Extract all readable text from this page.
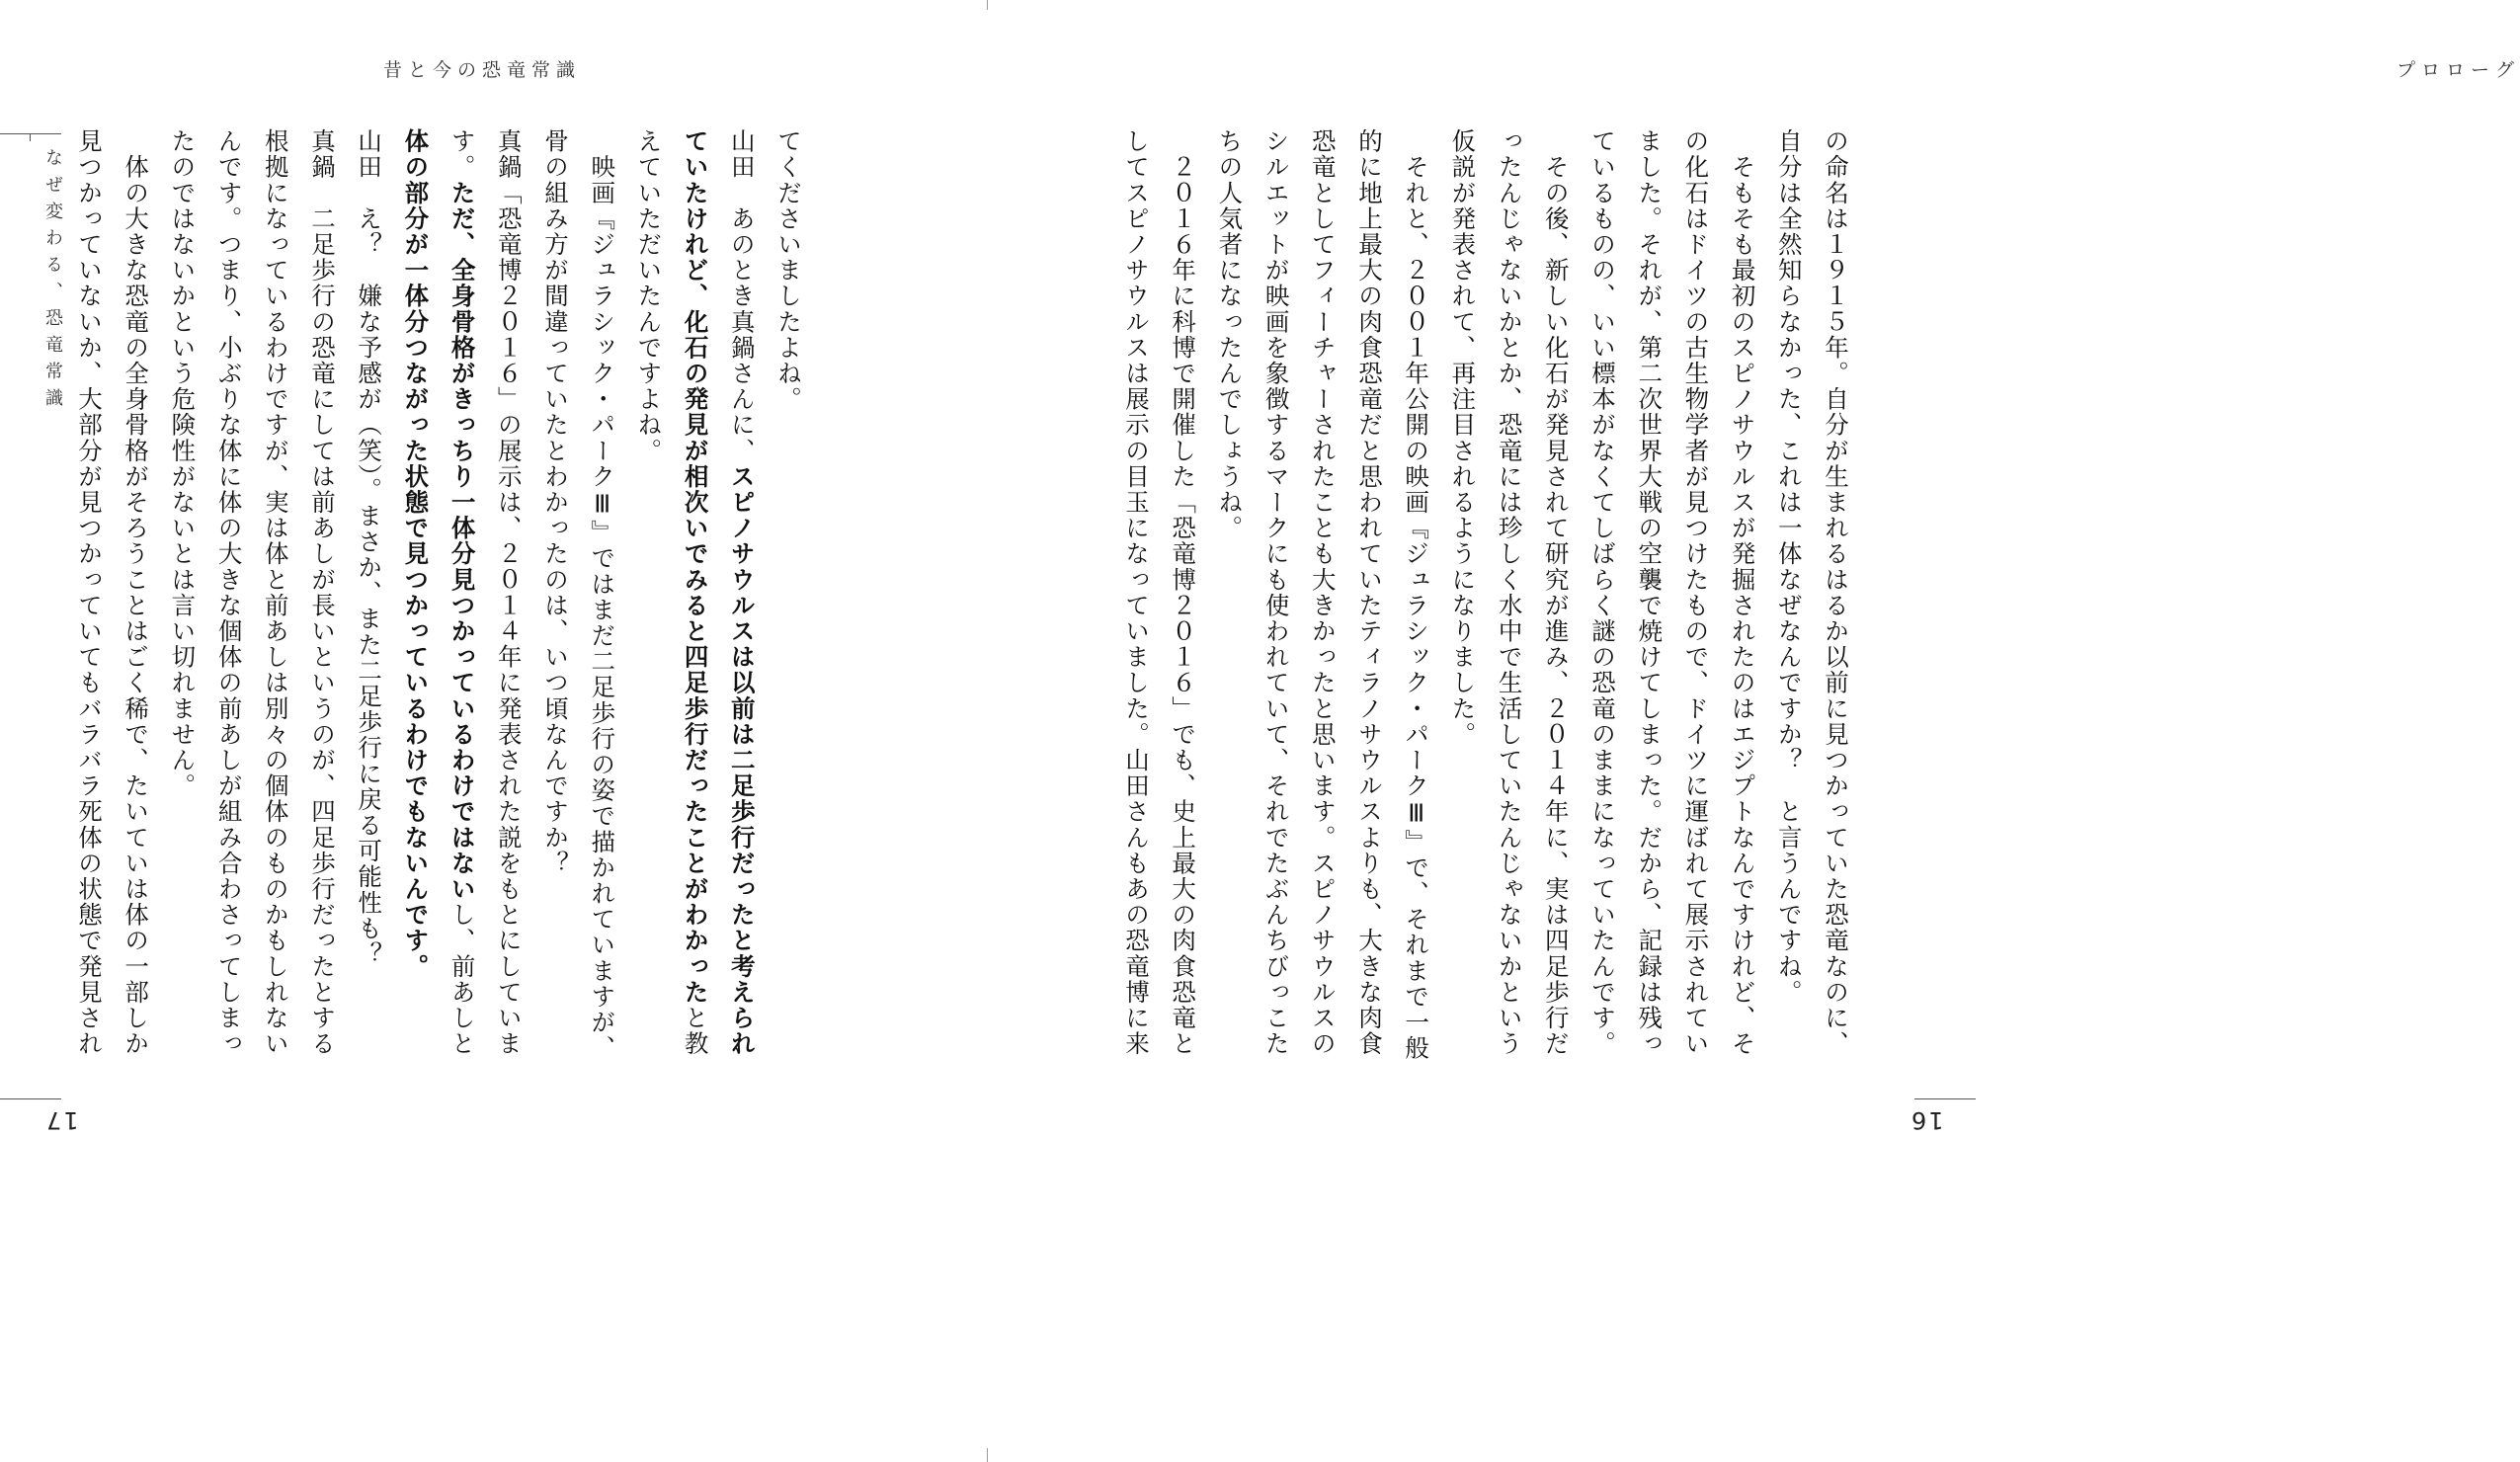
昔と今の恐竜常識
なぜ変わる、恐竜常識
17
てくださいましたよね。
山田　あのとき真鍋さんに、スピノサウルスは以前は二足歩行だったと考えられ
ていたけれど、化石の発見が相次いでみると四足歩行だったことがわかったと教
えていただいたんですよね。
　映画『ジュラシック・パークⅢ』ではまだ二足歩行の姿で描かれていますが、
骨の組み方が間違っていたとわかったのは、いつ頃なんですか？
真鍋「恐竜博２０１６」の展示は、２０１４年に発表された説をもとにしていま
す。ただ、全身骨格がきっちり一体分見つかっているわけではないし、前あしと
体の部分が一体分つながった状態で見つかっているわけでもないんです。
山田　え？　嫌な予感が（笑）。まさか、また二足歩行に戻る可能性も？
真鍋　二足歩行の恐竜にしては前あしが長いというのが、四足歩行だったとする
根拠になっているわけですが、実は体と前あしは別々の個体のものかもしれない
んです。つまり、小ぶりな体に体の大きな個体の前あしが組み合わさってしまっ
たのではないかという危険性がないとは言い切れません。
　体の大きな恐竜の全身骨格がそろうことはごく稀で、たいていは体の一部しか
見つかっていないか、大部分が見つかっていてもバラバラ死体の状態で発見され
プロローグ
の命名は１９１５年。自分が生まれるはるか以前に見つかっていた恐竜なのに、
自分は全然知らなかった、これは一体なぜなんですか？　と言うんですね。
　そもそも最初のスピノサウルスが発掘されたのはエジプトなんですけれど、そ
の化石はドイツの古生物学者が見つけたもので、ドイツに運ばれて展示されてい
ました。それが、第二次世界大戦の空襲で焼けてしまった。だから、記録は残っ
ているものの、いい標本がなくてしばらく謎の恐竜のままになっていたんです。
　その後、新しい化石が発見されて研究が進み、２０１４年に、実は四足歩行だ
ったんじゃないかとか、恐竜には珍しく水中で生活していたんじゃないかという
仮説が発表されて、再注目されるようになりました。
　それと、２００１年公開の映画『ジュラシック・パークⅢ』で、それまで一般
的に地上最大の肉食恐竜だと思われていたティラノサウルスよりも、大きな肉食
恐竜としてフィーチャーされたことも大きかったと思います。スピノサウルスの
シルエットが映画を象徴するマークにも使われていて、それでたぶんちびっこた
ちの人気者になったんでしょうね。
　２０１６年に科博で開催した「恐竜博２０１６」でも、史上最大の肉食恐竜と
してスピノサウルスは展示の目玉になっていました。山田さんもあの恐竜博に来
16
